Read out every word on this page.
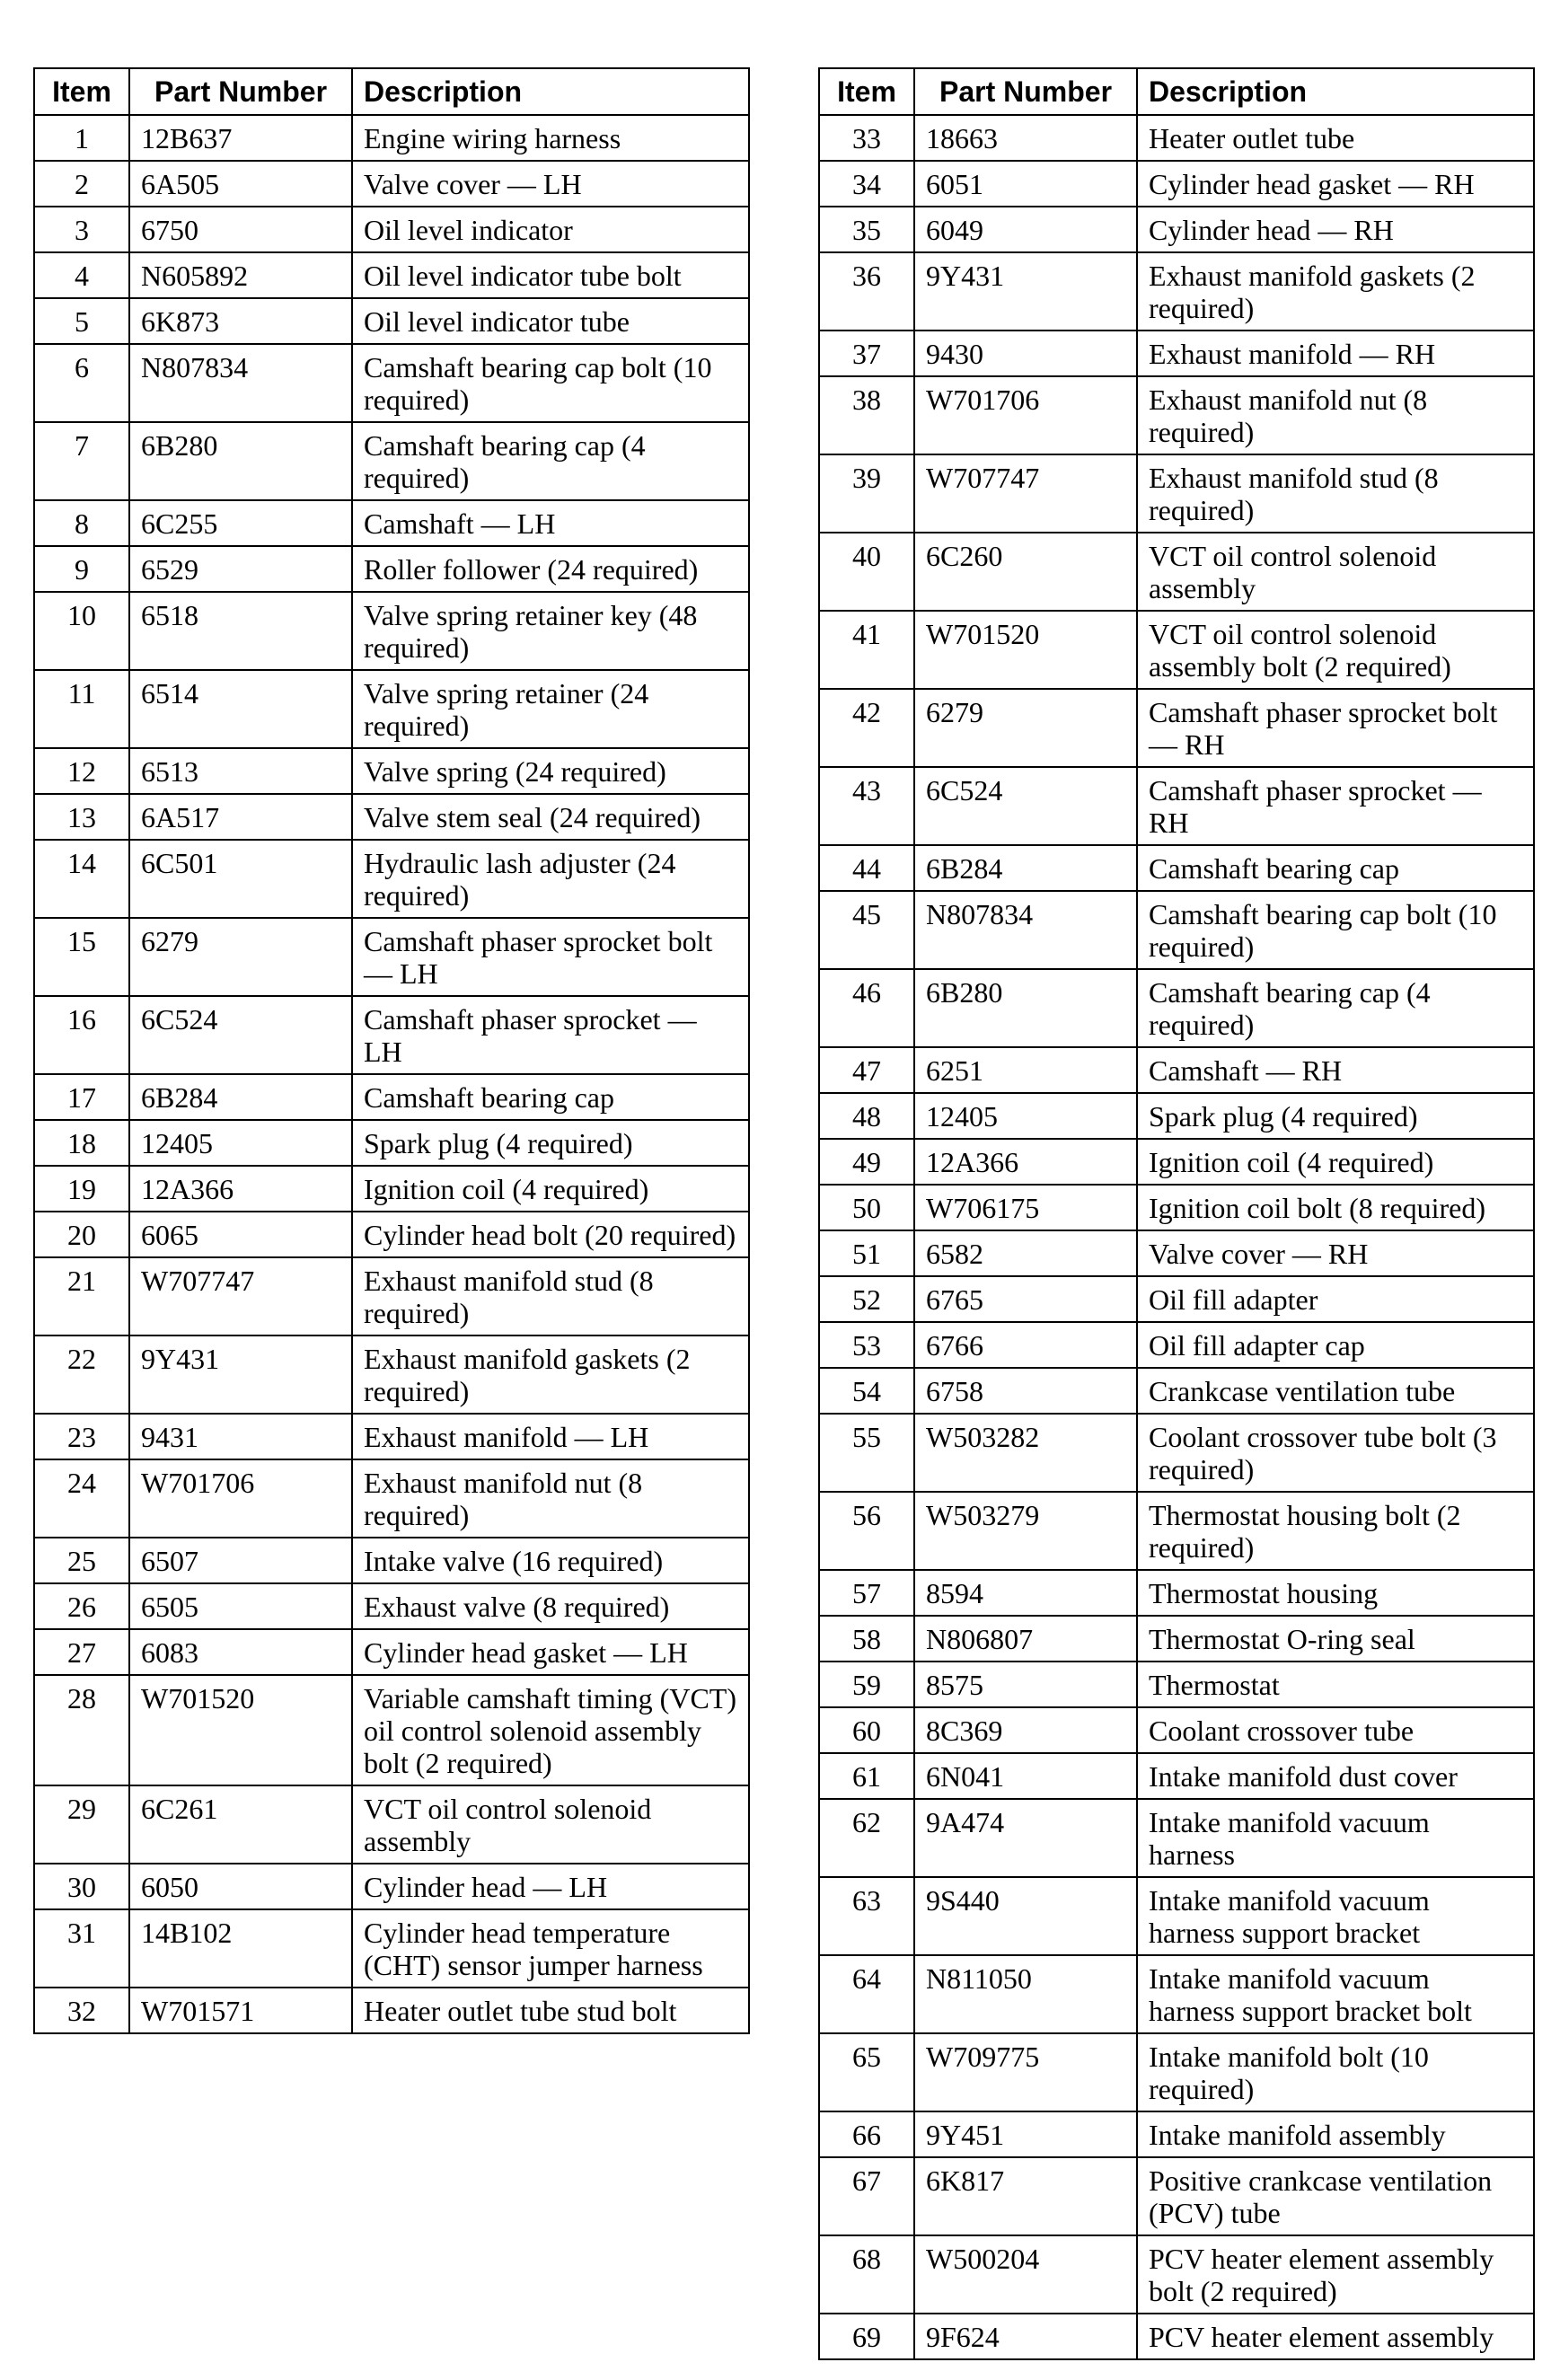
Item	Part Number	Description
1	12B637	Engine wiring harness
2	6A505	Valve cover — LH
3	6750	Oil level indicator
4	N605892	Oil level indicator tube bolt
5	6K873	Oil level indicator tube
6	N807834	Camshaft bearing cap bolt (10 required)
7	6B280	Camshaft bearing cap (4 required)
8	6C255	Camshaft — LH
9	6529	Roller follower (24 required)
10	6518	Valve spring retainer key (48 required)
11	6514	Valve spring retainer (24 required)
12	6513	Valve spring (24 required)
13	6A517	Valve stem seal (24 required)
14	6C501	Hydraulic lash adjuster (24 required)
15	6279	Camshaft phaser sprocket bolt — LH
16	6C524	Camshaft phaser sprocket — LH
17	6B284	Camshaft bearing cap
18	12405	Spark plug (4 required)
19	12A366	Ignition coil (4 required)
20	6065	Cylinder head bolt (20 required)
21	W707747	Exhaust manifold stud (8 required)
22	9Y431	Exhaust manifold gaskets (2 required)
23	9431	Exhaust manifold — LH
24	W701706	Exhaust manifold nut (8 required)
25	6507	Intake valve (16 required)
26	6505	Exhaust valve (8 required)
27	6083	Cylinder head gasket — LH
28	W701520	Variable camshaft timing (VCT) oil control solenoid assembly bolt (2 required)
29	6C261	VCT oil control solenoid assembly
30	6050	Cylinder head — LH
31	14B102	Cylinder head temperature (CHT) sensor jumper harness
32	W701571	Heater outlet tube stud bolt
Item	Part Number	Description
33	18663	Heater outlet tube
34	6051	Cylinder head gasket — RH
35	6049	Cylinder head — RH
36	9Y431	Exhaust manifold gaskets (2 required)
37	9430	Exhaust manifold — RH
38	W701706	Exhaust manifold nut (8 required)
39	W707747	Exhaust manifold stud (8 required)
40	6C260	VCT oil control solenoid assembly
41	W701520	VCT oil control solenoid assembly bolt (2 required)
42	6279	Camshaft phaser sprocket bolt — RH
43	6C524	Camshaft phaser sprocket — RH
44	6B284	Camshaft bearing cap
45	N807834	Camshaft bearing cap bolt (10 required)
46	6B280	Camshaft bearing cap (4 required)
47	6251	Camshaft — RH
48	12405	Spark plug (4 required)
49	12A366	Ignition coil (4 required)
50	W706175	Ignition coil bolt (8 required)
51	6582	Valve cover — RH
52	6765	Oil fill adapter
53	6766	Oil fill adapter cap
54	6758	Crankcase ventilation tube
55	W503282	Coolant crossover tube bolt (3 required)
56	W503279	Thermostat housing bolt (2 required)
57	8594	Thermostat housing
58	N806807	Thermostat O-ring seal
59	8575	Thermostat
60	8C369	Coolant crossover tube
61	6N041	Intake manifold dust cover
62	9A474	Intake manifold vacuum harness
63	9S440	Intake manifold vacuum harness support bracket
64	N811050	Intake manifold vacuum harness support bracket bolt
65	W709775	Intake manifold bolt (10 required)
66	9Y451	Intake manifold assembly
67	6K817	Positive crankcase ventilation (PCV) tube
68	W500204	PCV heater element assembly bolt (2 required)
69	9F624	PCV heater element assembly
